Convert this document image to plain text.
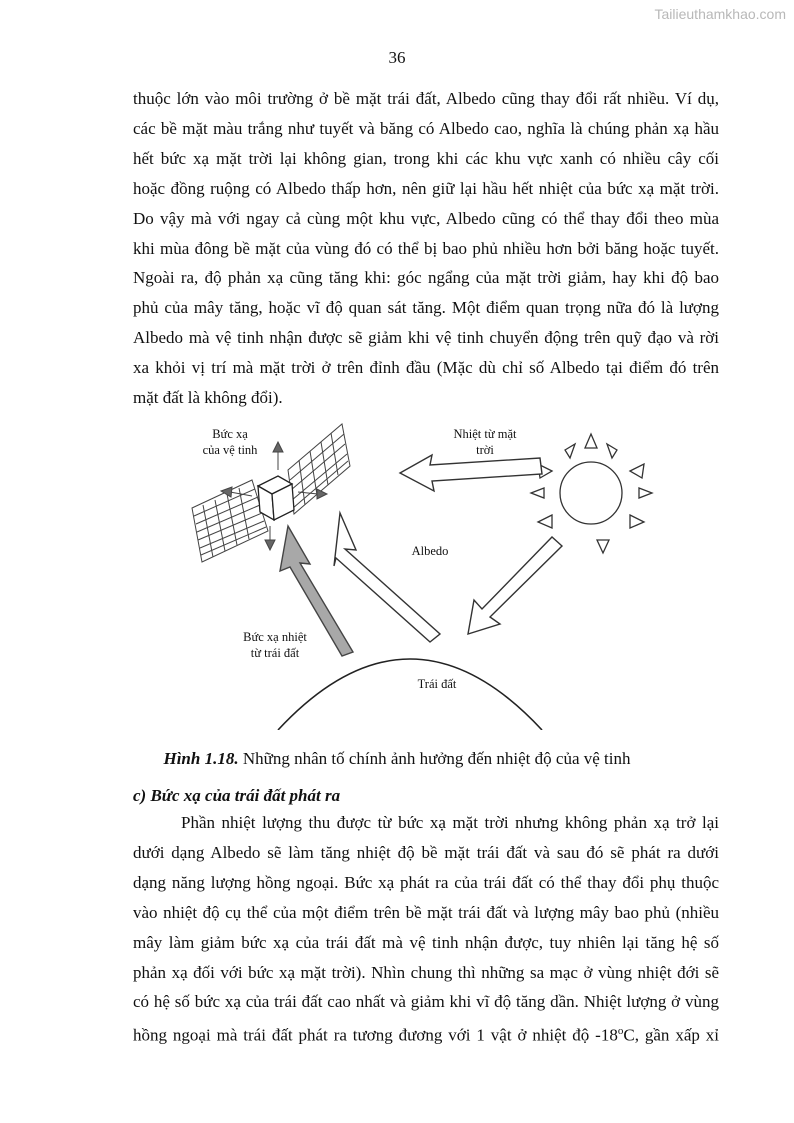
Tailieuthamkhao.com
36
thuộc lớn vào môi trường ở bề mặt trái đất, Albedo cũng thay đổi rất nhiều. Ví dụ,
các bề mặt màu trắng như tuyết và băng có Albedo cao, nghĩa là chúng phản xạ hầu
hết bức xạ mặt trời lại không gian, trong khi các khu vực xanh có nhiều cây cối
hoặc đồng ruộng có Albedo thấp hơn, nên giữ lại hầu hết nhiệt của bức xạ mặt trời.
Do vậy mà với ngay cả cùng một khu vực, Albedo cũng có thể thay đổi theo mùa
khi mùa đông bề mặt của vùng đó có thể bị bao phủ nhiều hơn bởi băng hoặc tuyết.
Ngoài ra, độ phản xạ cũng tăng khi: góc ngẩng của mặt trời giảm, hay khi độ bao
phủ của mây tăng, hoặc vĩ độ quan sát tăng. Một điểm quan trọng nữa đó là lượng
Albedo mà vệ tinh nhận được sẽ giảm khi vệ tinh chuyển động trên quỹ đạo và rời
xa khỏi vị trí mà mặt trời ở trên đỉnh đầu (Mặc dù chỉ số Albedo tại điểm đó trên
mặt đất là không đổi).
Bức xạ
của vệ tinh
Nhiệt từ mặt
trời
Albedo
Bức xạ nhiệt
từ trái đất
Trái đất
Hình 1.18. Những nhân tố chính ảnh hưởng đến nhiệt độ của vệ tinh
c) Bức xạ của trái đất phát ra
Phần nhiệt lượng thu được từ bức xạ mặt trời nhưng không phản xạ trở lại
dưới dạng Albedo sẽ làm tăng nhiệt độ bề mặt trái đất và sau đó sẽ phát ra dưới
dạng năng lượng hồng ngoại. Bức xạ phát ra của trái đất có thể thay đổi phụ thuộc
vào nhiệt độ cụ thể của một điểm trên bề mặt trái đất và lượng mây bao phủ (nhiều
mây làm giảm bức xạ của trái đất mà vệ tinh nhận được, tuy nhiên lại tăng hệ số
phản xạ đối với bức xạ mặt trời). Nhìn chung thì những sa mạc ở vùng nhiệt đới sẽ
có hệ số bức xạ của trái đất cao nhất và giảm khi vĩ độ tăng dần. Nhiệt lượng ở vùng
hồng ngoại mà trái đất phát ra tương đương với 1 vật ở nhiệt độ -18$^o$C, gần xấp xỉ
